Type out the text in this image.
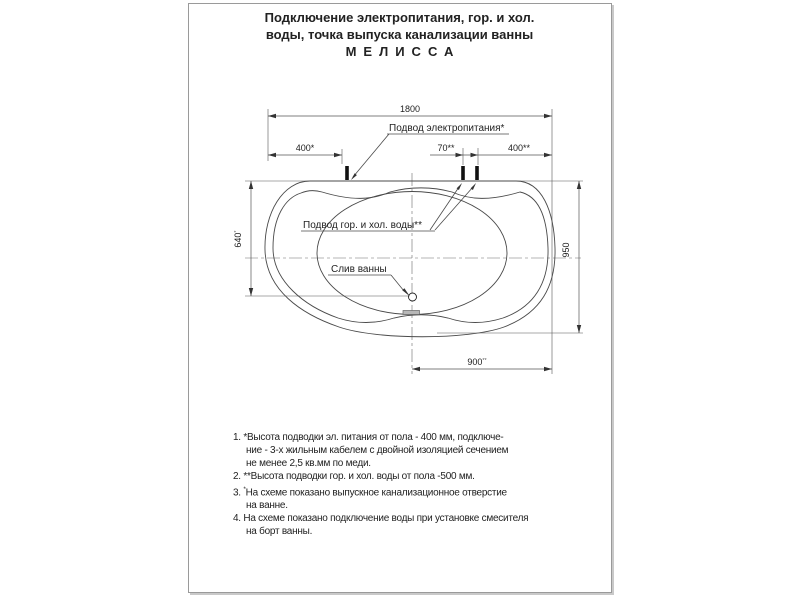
Подключение электропитания, гор. и хол.
воды, точка выпуска канализации ванны
МЕЛИССА
1800
400*	70**	400**
640*
950
900**
Подвод электропитания*
Подвод гор. и хол. воды**
Слив ванны
1. *Высота подводки эл. питания от пола - 400 мм, подключе-
ние - 3-х жильным кабелем с двойной изоляцией сечением
не менее 2,5 кв.мм по меди.
2. **Высота подводки гор. и хол. воды от пола -500 мм.
3. *На схеме показано выпускное канализационное отверстие
на ванне.
4. На схеме показано подключение воды при установке смесителя
на борт ванны.
